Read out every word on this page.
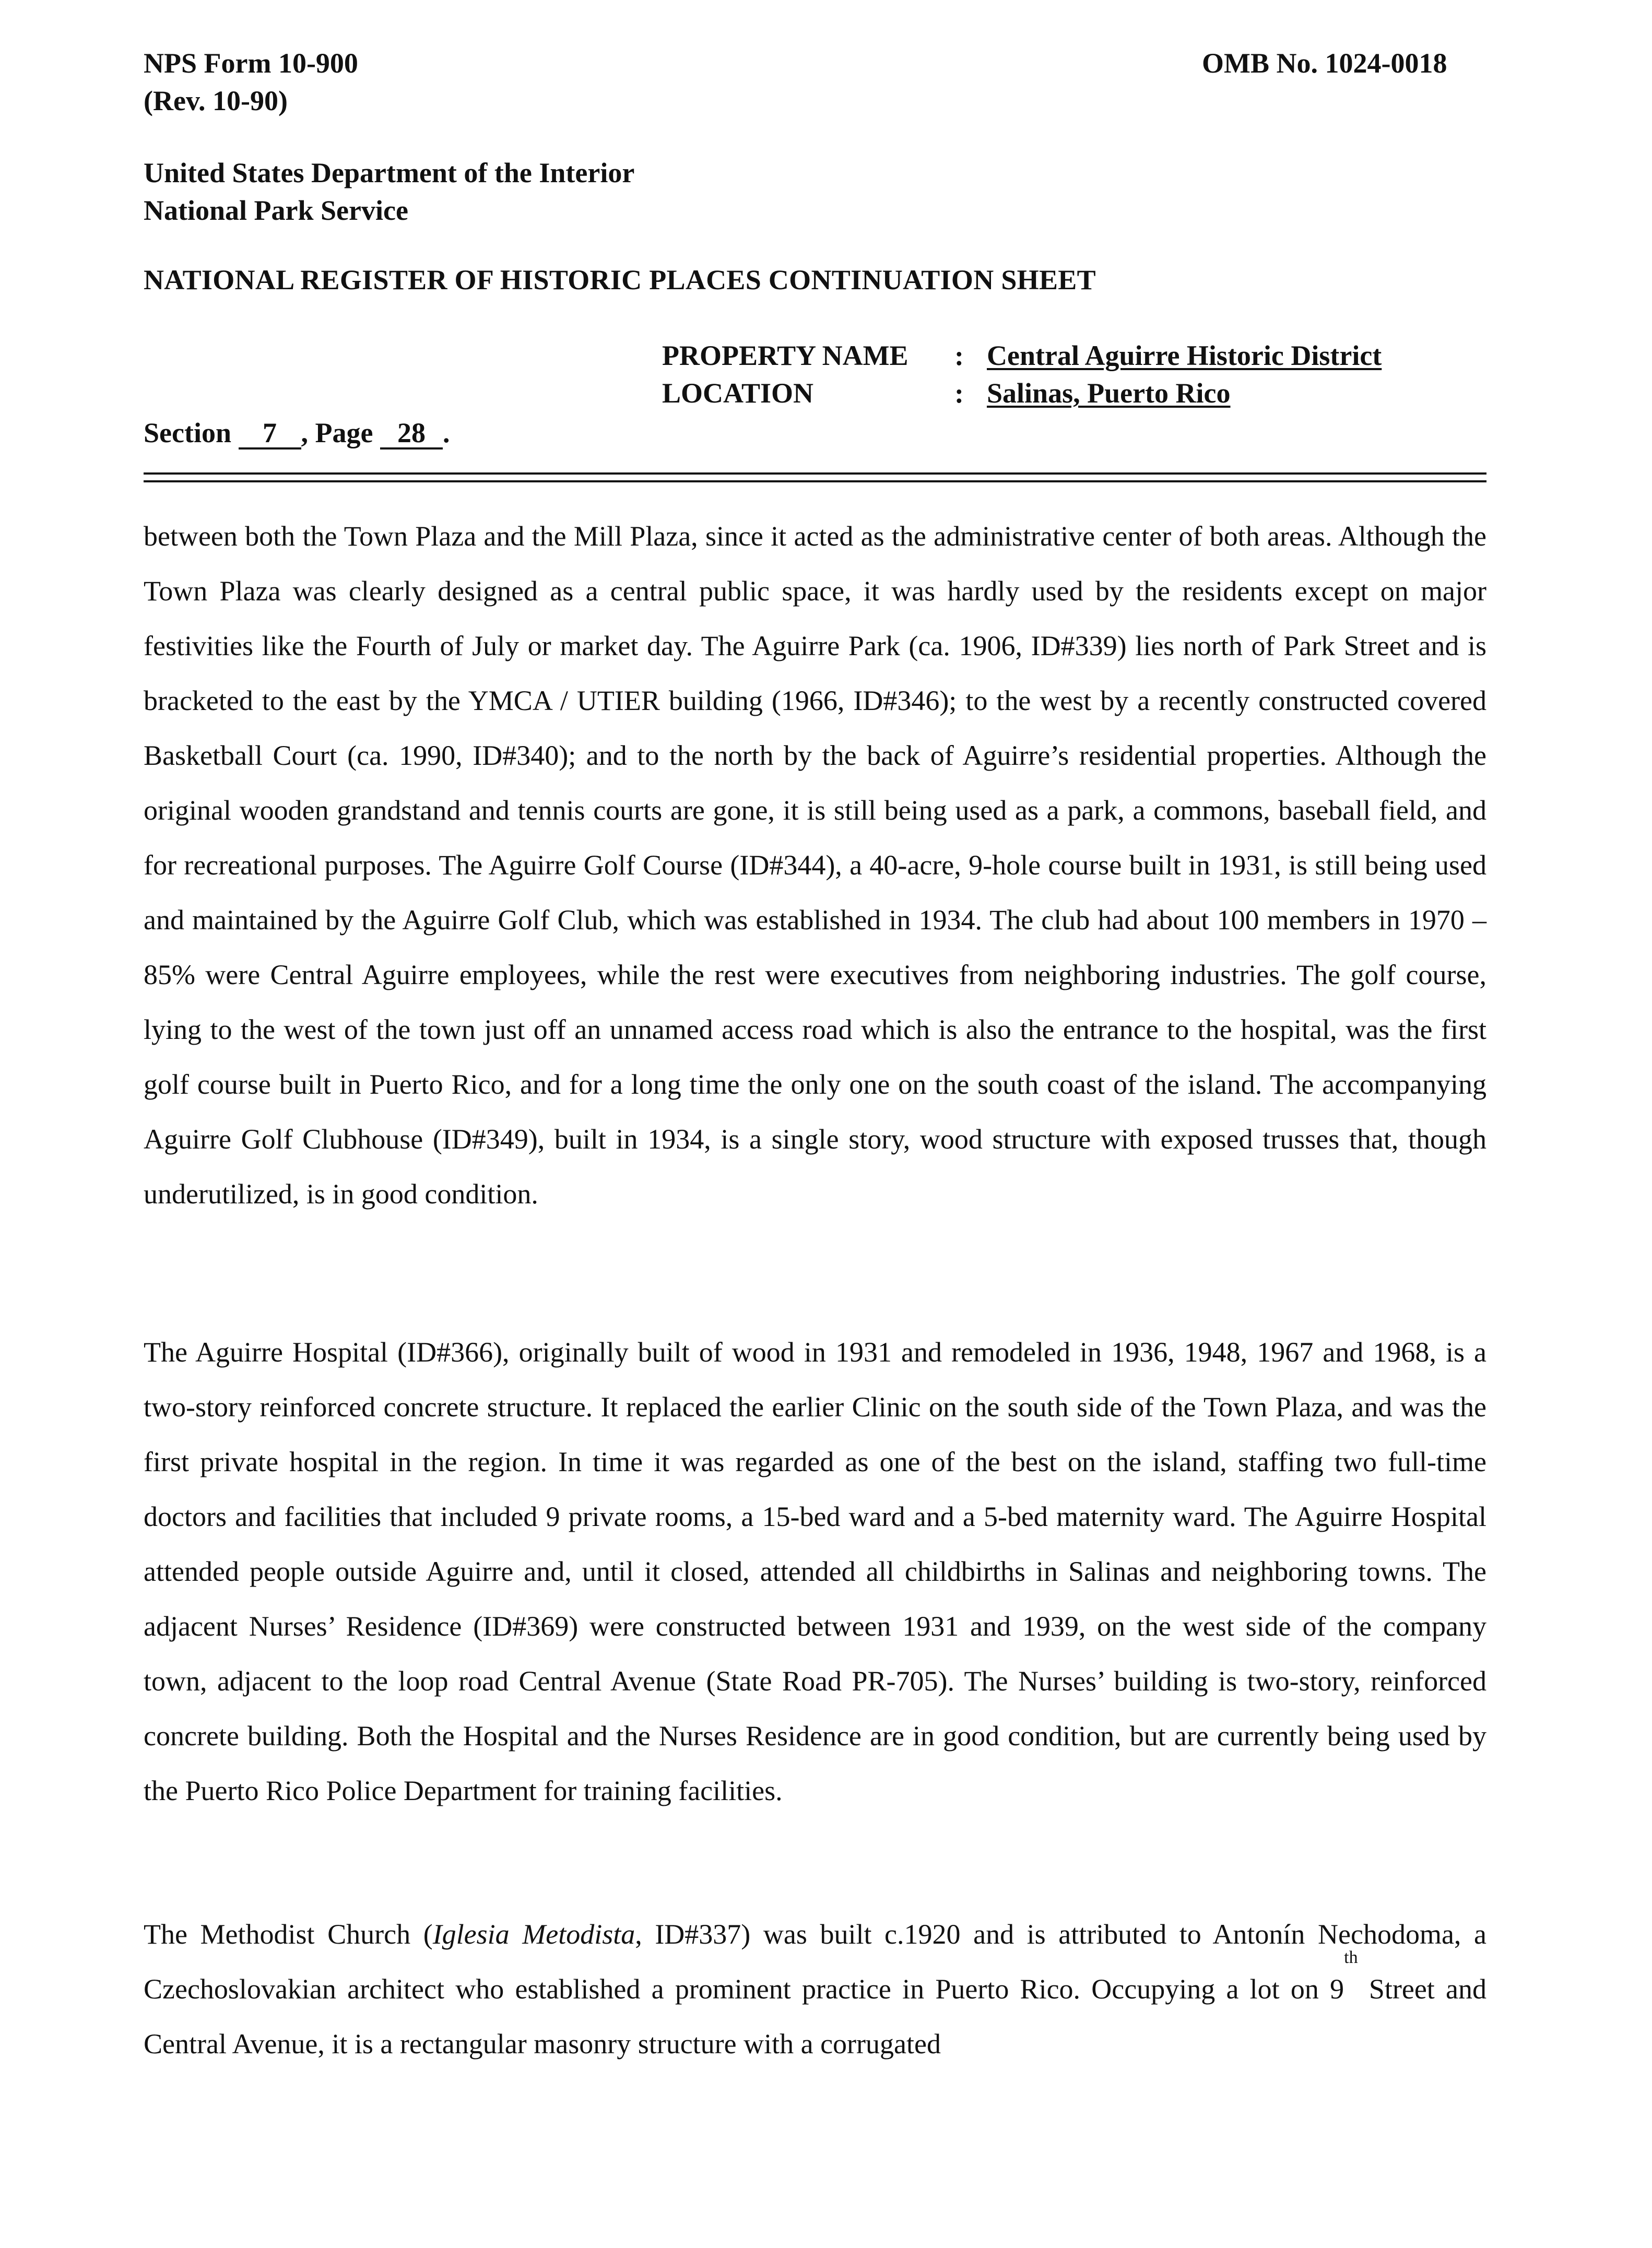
NPS Form 10-900
(Rev. 10-90)
OMB No. 1024-0018
United States Department of the Interior
National Park Service
NATIONAL REGISTER OF HISTORIC PLACES CONTINUATION SHEET
PROPERTY NAME	: Central Aguirre Historic District
LOCATION	: Salinas, Puerto Rico
Section 7 , Page 28 .

between both the Town Plaza and the Mill Plaza, since it acted as the administrative center of both areas. Although the Town Plaza was clearly designed as a central public space, it was hardly used by the residents except on major festivities like the Fourth of July or market day. The Aguirre Park (ca. 1906, ID#339) lies north of Park Street and is bracketed to the east by the YMCA / UTIER building (1966, ID#346); to the west by a recently constructed covered Basketball Court (ca. 1990, ID#340); and to the north by the back of Aguirre’s residential properties. Although the original wooden grandstand and tennis courts are gone, it is still being used as a park, a commons, baseball field, and for recreational purposes. The Aguirre Golf Course (ID#344), a 40-acre, 9-hole course built in 1931, is still being used and maintained by the Aguirre Golf Club, which was established in 1934. The club had about 100 members in 1970 – 85% were Central Aguirre employees, while the rest were executives from neighboring industries. The golf course, lying to the west of the town just off an unnamed access road which is also the entrance to the hospital, was the first golf course built in Puerto Rico, and for a long time the only one on the south coast of the island. The accompanying Aguirre Golf Clubhouse (ID#349), built in 1934, is a single story, wood structure with exposed trusses that, though underutilized, is in good condition.

The Aguirre Hospital (ID#366), originally built of wood in 1931 and remodeled in 1936, 1948, 1967 and 1968, is a two-story reinforced concrete structure. It replaced the earlier Clinic on the south side of the Town Plaza, and was the first private hospital in the region. In time it was regarded as one of the best on the island, staffing two full-time doctors and facilities that included 9 private rooms, a 15-bed ward and a 5-bed maternity ward. The Aguirre Hospital attended people outside Aguirre and, until it closed, attended all childbirths in Salinas and neighboring towns. The adjacent Nurses’ Residence (ID#369) were constructed between 1931 and 1939, on the west side of the company town, adjacent to the loop road Central Avenue (State Road PR-705). The Nurses’ building is two-story, reinforced concrete building. Both the Hospital and the Nurses Residence are in good condition, but are currently being used by the Puerto Rico Police Department for training facilities.

The Methodist Church (Iglesia Metodista, ID#337) was built c.1920 and is attributed to Antonín Nechodoma, a Czechoslovakian architect who established a prominent practice in Puerto Rico. Occupying a lot on 9th Street and Central Avenue, it is a rectangular masonry structure with a corrugated
